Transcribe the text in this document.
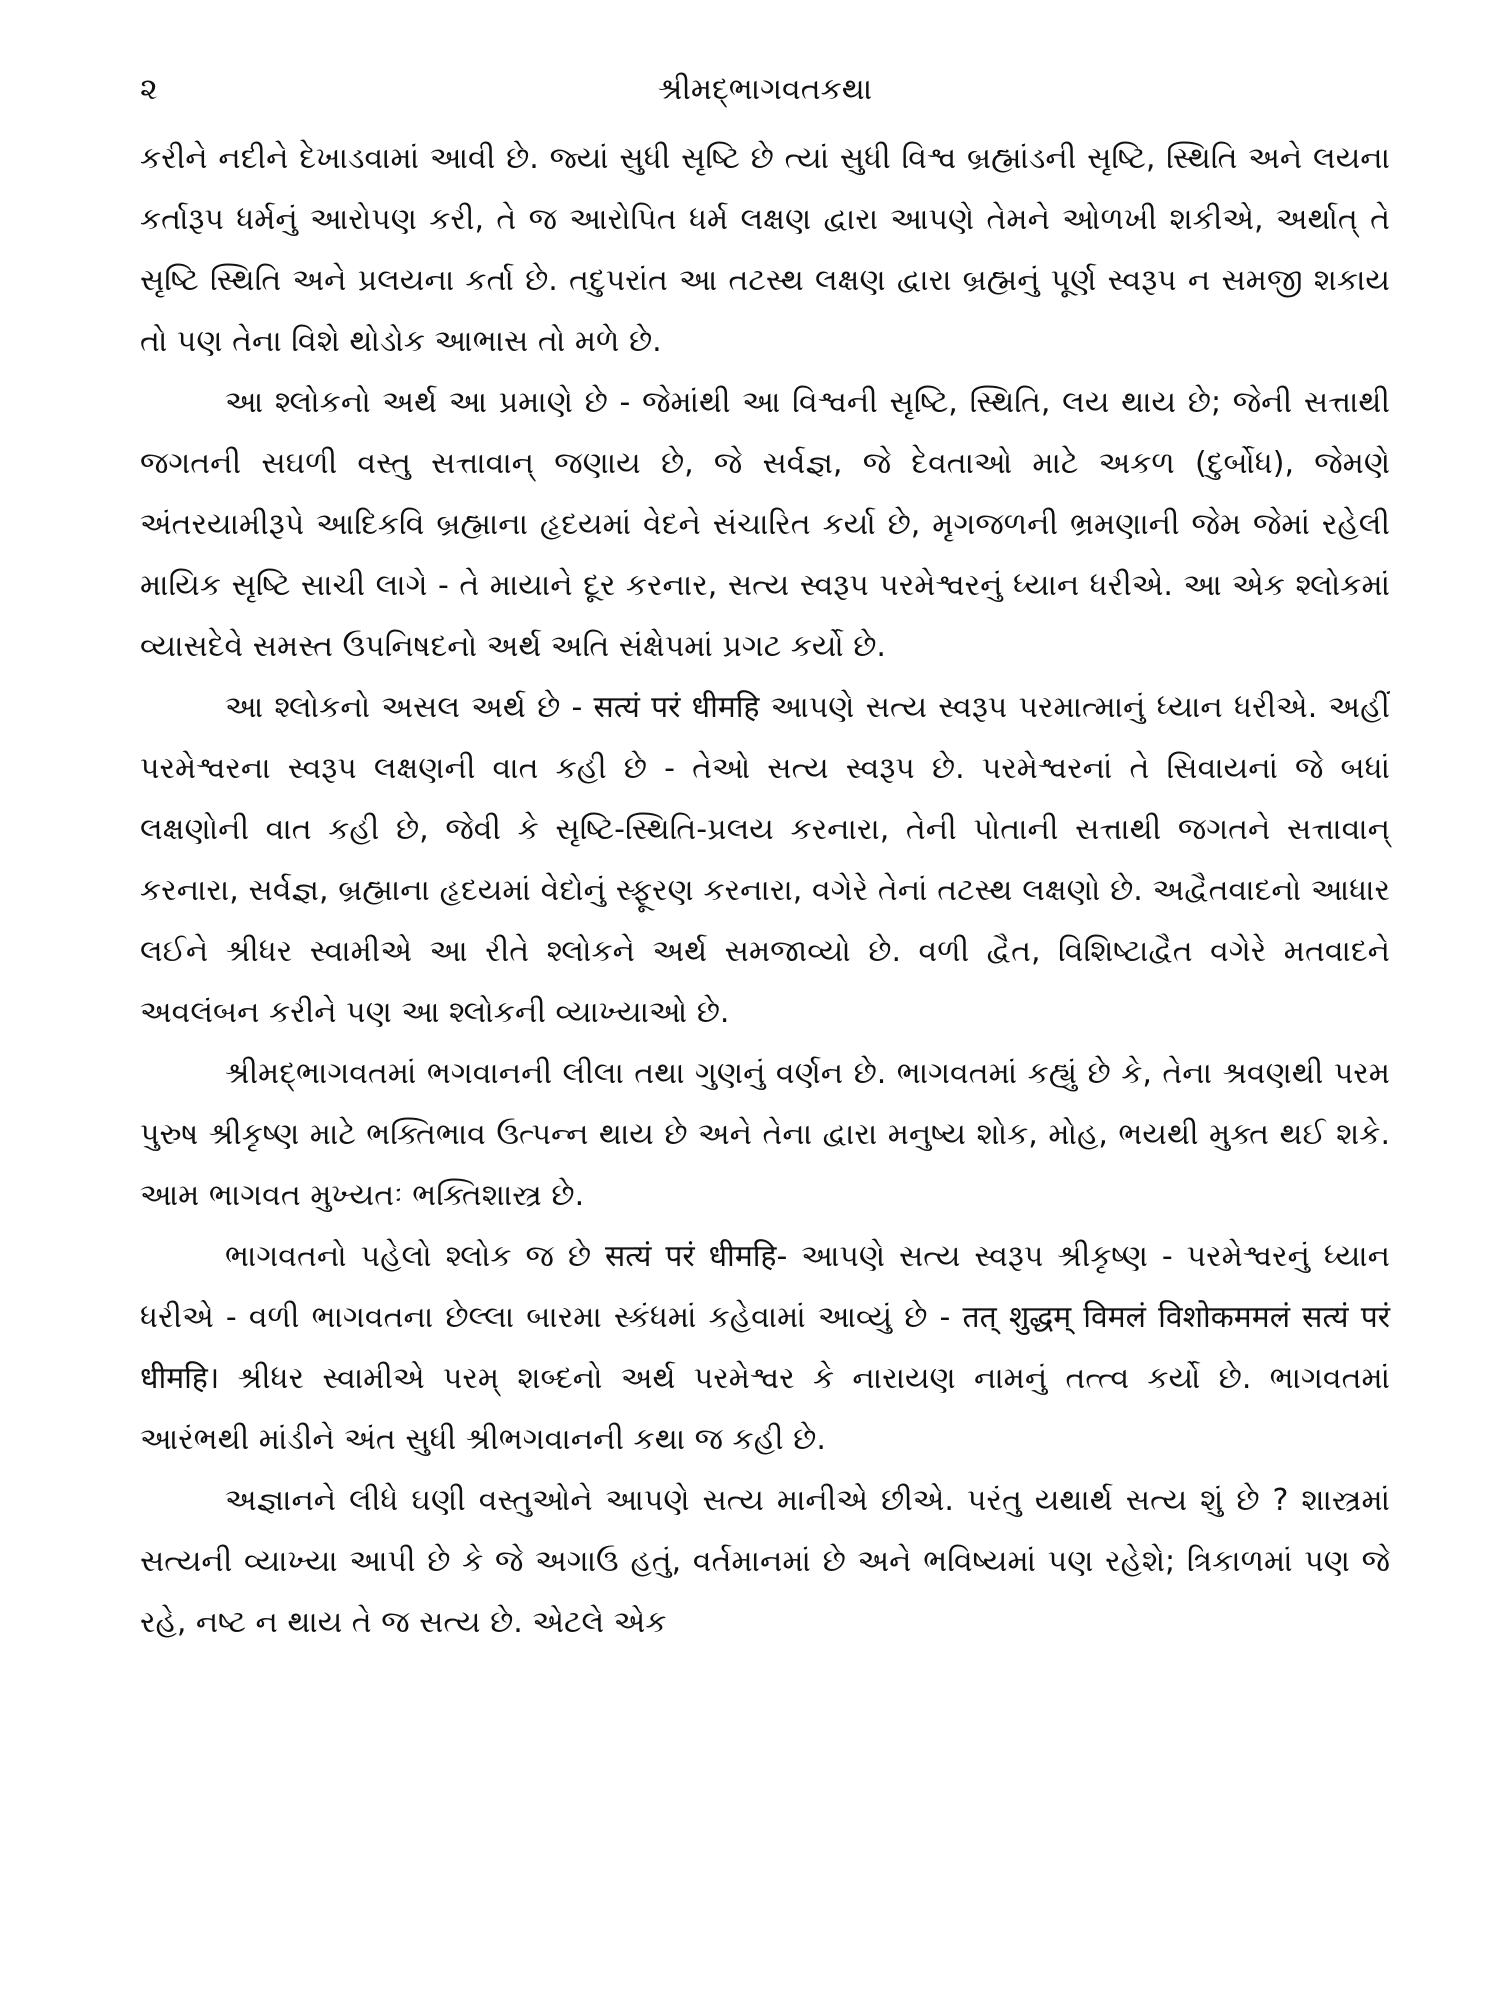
૨	શ્રીમદ્ભાગવતકથા

કરીને નદીને દેખાડવામાં આવી છે. જ્યાં સુધી સૃષ્ટિ છે ત્યાં સુધી વિશ્વ બ્રહ્માંડની સૃષ્ટિ, સ્થિતિ અને લયના કર્તારૂપ ધર્મનું આરોપણ કરી, તે જ આરોપિત ધર્મ લક્ષણ દ્વારા આપણે તેમને ઓળખી શકીએ, અર્થાત્ તે સૃષ્ટિ સ્થિતિ અને પ્રલયના કર્તા છે. તદુપરાંત આ તટસ્થ લક્ષણ દ્વારા બ્રહ્મનું પૂર્ણ સ્વરૂપ ન સમજી શકાય તો પણ તેના વિશે થોડોક આભાસ તો મળે છે.

આ શ્લોકનો અર્થ આ પ્રમાણે છે - જેમાંથી આ વિશ્વની સૃષ્ટિ, સ્થિતિ, લય થાય છે; જેની સત્તાથી જગતની સઘળી વસ્તુ સત્તાવાન્ જણાય છે, જે સર્વજ્ઞ, જે દેવતાઓ માટે અકળ (દુર્બોધ), જેમણે અંતરયામીરૂપે આદિકવિ બ્રહ્માના હૃદયમાં વેદને સંચારિત કર્યા છે, મૃગજળની ભ્રમણાની જેમ જેમાં રહેલી માયિક સૃષ્ટિ સાચી લાગે - તે માયાને દૂર કરનાર, સત્ય સ્વરૂપ પરમેશ્વરનું ધ્યાન ધરીએ. આ એક શ્લોકમાં વ્યાસદેવે સમસ્ત ઉપનિષદનો અર્થ અતિ સંક્ષેપમાં પ્રગટ કર્યો છે.

આ શ્લોકનો અસલ અર્થ છે - सत्यं परं धीमहि આપણે સત્ય સ્વરૂપ પરમાત્માનું ધ્યાન ધરીએ. અહીં પરમેશ્વરના સ્વરૂપ લક્ષણની વાત કહી છે - તેઓ સત્ય સ્વરૂપ છે. પરમેશ્વરનાં તે સિવાયનાં જે બધાં લક્ષણોની વાત કહી છે, જેવી કે સૃષ્ટિ-સ્થિતિ-પ્રલય કરનારા, તેની પોતાની સત્તાથી જગતને સત્તાવાન્ કરનારા, સર્વજ્ઞ, બ્રહ્માના હૃદયમાં વેદોનું સ્ફૂરણ કરનારા, વગેરે તેનાં તટસ્થ લક્ષણો છે. અદ્વૈતવાદનો આધાર લઈને શ્રીધર સ્વામીએ આ રીતે શ્લોકને અર્થ સમજાવ્યો છે. વળી દ્વૈત, વિશિષ્ટાદ્વૈત વગેરે મતવાદને અવલંબન કરીને પણ આ શ્લોકની વ્યાખ્યાઓ છે.

શ્રીમદ્ભાગવતમાં ભગવાનની લીલા તથા ગુણનું વર્ણન છે. ભાગવતમાં કહ્યું છે કે, તેના શ્રવણથી પરમ પુરુષ શ્રીકૃષ્ણ માટે ભક્તિભાવ ઉત્પન્ન થાય છે અને તેના દ્વારા મનુષ્ય શોક, મોહ, ભયથી મુક્ત થઈ શકે. આમ ભાગવત મુખ્યતઃ ભક્તિશાસ્ત્ર છે.

ભાગવતનો પહેલો શ્લોક જ છે सत्यं परं धीमहि- આપણે સત્ય સ્વરૂપ શ્રીકૃષ્ણ - પરમેશ્વરનું ધ્યાન ધરીએ - વળી ભાગવતના છેલ્લા બારમા સ્કંધમાં કહેવામાં આવ્યું છે - तत् शुद्धम् विमलं विशोकममलं सत्यं परं धीमहि। શ્રીધર સ્વામીએ પરમ્ શબ્દનો અર્થ પરમેશ્વર કે નારાયણ નામનું તત્ત્વ કર્યો છે. ભાગવતમાં આરંભથી માંડીને અંત સુધી શ્રીભગવાનની કથા જ કહી છે.

અજ્ઞાનને લીધે ઘણી વસ્તુઓને આપણે સત્ય માનીએ છીએ. પરંતુ યથાર્થ સત્ય શું છે ? શાસ્ત્રમાં સત્યની વ્યાખ્યા આપી છે કે જે અગાઉ હતું, વર્તમાનમાં છે અને ભવિષ્યમાં પણ રહેશે; ત્રિકાળમાં પણ જે રહે, નષ્ટ ન થાય તે જ સત્ય છે. એટલે એક
